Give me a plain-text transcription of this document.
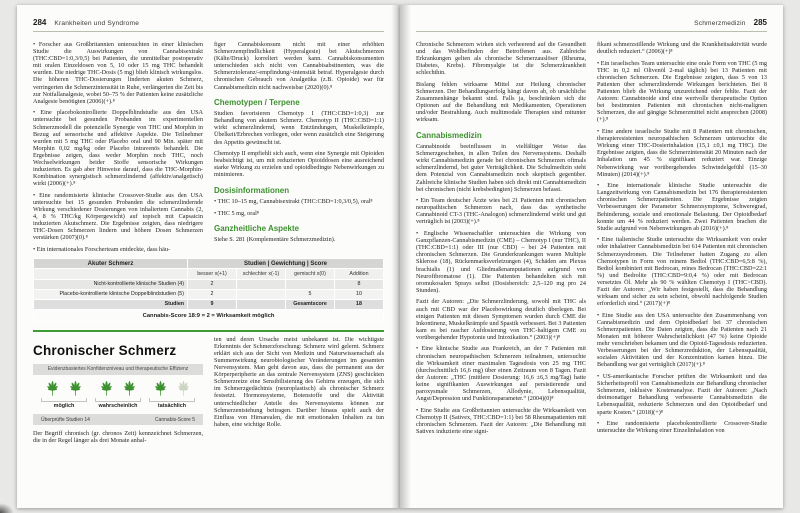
284 Krankheiten und Syndrome

• Forscher aus Großbritannien untersuchten in einer klinischen Studie die Auswirkungen von Cannabisextrakt (THC:CBD=1:0,3/0,5) bei Patienten, die unmittelbar postoperativ mit oralen Einzeldosen von 5, 10 oder 15 mg THC behandelt wurden. Die niedrige THC-Dosis (5 mg) blieb klinisch wirkungslos. Die höheren THC-Dosierungen linderten akuten Schmerz, verringerten die Schmerzintensität in Ruhe, verlängerten die Zeit bis zur Notfallanalgesie, wobei 50–75 % der Patienten keine zusätzliche Analgesie benötigten (2006)(+).⁸

• Eine placebokontrollierte Doppelblindstudie aus den USA untersuchte bei gesunden Probanden im experimentellen Schmerzmodell die potenzielle Synergie von THC und Morphin in Bezug auf sensorische und affektive Aspekte. Die Teilnehmer wurden mit 5 mg THC oder Placebo oral und 90 Min. später mit Morphin 0,02 mg/kg oder Placebo intravenös behandelt. Die Ergebnisse zeigen, dass weder Morphin noch THC, noch Wechselwirkungen beider Stoffe sensorische Wirkungen induzierten. Es gab aber Hinweise darauf, dass die THC-Morphin-Kombination synergistisch schmerzlindernd (affektiv/analgetisch) wirkt (2006)(+).⁸

• Eine randomisierte klinische Crossover-Studie aus den USA untersuchte bei 15 gesunden Probanden die schmerzlindernde Wirkung verschiedener Dosierungen von inhaliertem Cannabis (2, 4, 8 % THC/kg Körpergewicht) auf topisch mit Capsaicin induzierten Akutschmerz. Die Ergebnisse zeigten, dass niedrigere THC-Dosen Schmerzen lindern und höhere Dosen Schmerzen verstärken (2007)(0).⁸

• Ein internationales Forscherteam entdeckte, dass häu-

figer Cannabiskonsum nicht mit einer erhöhten Schmerzempfindlichkeit (Hyperalgesie) bei Akutschmerzen (Kälte/Druck) korreliert werden kann. Cannabiskonsumenten unterschieden sich nicht von Cannabisabstinenten, was die Schmerztoleranz/-empfindung/-intensität betraf. Hyperalgesie durch chronischen Gebrauch von Analgetika (z.B. Opioide) war für Cannabismedizin nicht nachweisbar (2020)(0).⁸

Chemotypen / Terpene

Studien favorisieren Chemotyp I (THC:CBD=1:0,3) zur Behandlung von akutem Schmerz. Chemotyp II (THC:CBD=1:1) wirkt schmerzlindernd, wenn Entzündungen, Muskelkrämpfe, Übelkeit/Erbrechen vorliegen, oder wenn zusätzlich eine Steigerung des Appetits gewünscht ist.

Chemotyp II empfiehlt sich auch, wenn eine Synergie mit Opioiden beabsichtigt ist, um mit reduzierten Opioiddosen eine ausreichend starke Wirkung zu erzielen und opioidbedingte Nebenwirkungen zu minimieren.

Dosisinformationen

• THC 10–15 mg, Cannabisextrakt (THC:CBD=1:0,3/0,5), oral⁸

• THC 5 mg, oral⁸

Ganzheitliche Aspekte

Siehe S. 281 (Komplementäre Schmerzmedizin).

Akuter Schmerz	Studien | Gewichtung | Score			
	besser x(+1)	schlechter x(-1)	gemischt x(0)	Addition
Nicht-kontrollierte klinische Studien (4)	2			8
Placebo-kontrollierte klinische Doppelblindstudien (5)	2		5	10
Studien	9		Gesamtscore	18
Cannabis-Score 18:9 = 2 = Wirksamkeit möglich				
Chronischer Schmerz
Evidenzbasiertes Konfidenzniveau und therapeutische Effizienz
möglich	wahrscheinlich	tatsächlich
Überprüfte Studien 14	Cannabis-Score 5

Der Begriff chronisch (gr. chronos Zeit) kennzeichnet Schmerzen, die in der Regel länger als drei Monate anhal-

ten und deren Ursache meist unbekannt ist. Die wichtigste Erkenntnis der Schmerzforschung: Schmerz wird gelernt. Schmerz erklärt sich aus der Sicht von Medizin und Naturwissenschaft als Summenwirkung neurobiologischer Veränderungen im gesamten Nervensystem. Man geht davon aus, dass die permanent aus der Körperperipherie an das zentrale Nervensystem (ZNS) geschickten Schmerzreize eine Sensibilisierung des Gehirns erzeugen, die sich im Schmerzgedächtnis (neuroplastisch) als chronischer Schmerz festsetzt. Hormonsysteme, Botenstoffe und die Aktivität unterschiedlicher Anteile des Nervensystems können zur Schmerzentstehung beitragen. Darüber hinaus spielt auch der Einfluss von Hirnarealen, die mit emotionalen Inhalten zu tun haben, eine wichtige Rolle.

Schmerzmedizin 285

Chronische Schmerzen wirken sich verheerend auf die Gesundheit und das Wohlbefinden der Betroffenen aus. Zahlreiche Erkrankungen gelten als chronische Schmerzauslöser (Rheuma, Diabetes, Krebs). Fibromyalgie ist die Schmerzkrankheit schlechthin.

Bislang fehlen wirksame Mittel zur Heilung chronischer Schmerzen. Der Behandlungserfolg hängt davon ab, ob ursächliche Zusammenhänge bekannt sind. Falls ja, beschränken sich die Optionen auf die Behandlung mit Medikamenten, Operationen und/oder Bestrahlung. Auch multimodale Therapien sind mitunter wirksam.

Cannabismedizin

Cannabinoide beeinflussen in vielfältiger Weise das Schmerzgeschehen, in allen Teilen des Nervensystems. Deshalb wirkt Cannabismedizin gerade bei chronischen Schmerzen oftmals schmerzlindernd, bei guter Verträglichkeit. Die Schulmedizin steht dem Potenzial von Cannabismedizin noch skeptisch gegenüber. Zahlreiche klinische Studien haben sich direkt mit Cannabismedizin bei chronischen (nicht krebsbedingten) Schmerzen befasst.

• Ein Team deutscher Ärzte wies bei 21 Patienten mit chronischen neuropathischen Schmerzen nach, dass das synthetische Cannabinoid CT-3 (THC-Analogon) schmerzlindernd wirkt und gut verträglich ist (2003)(+).⁸

• Englische Wissenschaftler untersuchten die Wirkung von Ganzpflanzen-Cannabismedizin (CME) – Chemotyp I (nur THC), II (THC:CBD=1:1) oder III (nur CBD) – bei 24 Patienten mit chronischen Schmerzen. Die Grunderkrankungen waren Multiple Sklerose (18), Rückenmarksverletzungen (4), Schäden am Plexus brachialis (1) und Gliedmaßenamputationen aufgrund von Neurofibromatose (1). Die Patienten behandelten sich mit oromukosalen Sprays selbst (Dosisbereich: 2,5–120 mg pro 24 Stunden).

Fazit der Autoren: „Die Schmerzlinderung, sowohl mit THC als auch mit CBD war der Placebowirkung deutlich überlegen. Bei einigen Patienten mit diesen Symptomen wurden durch CME die Inkontinenz, Muskelkrämpfe und Spastik verbessert. Bei 3 Patienten kam es bei rascher Aufdosierung von THC-haltigem CME zu vorübergehender Hypotonie und Intoxikation.“ (2003)(+)⁸

• Eine klinische Studie aus Frankreich, an der 7 Patienten mit chronischen neuropathischen Schmerzen teilnahmen, untersuchte die Wirksamkeit einer maximalen Tagesdosis von 25 mg THC (durchschnittlich 16,6 mg) über einen Zeitraum von 8 Tagen. Fazit der Autoren: „THC (mittlere Dosierung: 16,6 ±6,3 mg/Tag) hatte keine signifikanten Auswirkungen auf persistierende und paroxysmale Schmerzen, Allodynie, Lebensqualität, Angst/Depression und Funktionsparameter.“ (2004)(0)⁸

• Eine Studie aus Großbritannien untersuchte die Wirksamkeit von Chemotyp II (Sativex, THC:CBD=1:1) bei 58 Rheumapatienten mit chronischen Schmerzen. Fazit der Autoren: „Die Behandlung mit Sativex induzierte eine signi-

fikant schmerzstillende Wirkung und die Krankheitsaktivität wurde deutlich reduziert.“ (2006)(+)⁸

• Ein israelisches Team untersuchte eine orale Form von THC (5 mg THC in 0,2 ml Olivenöl 2-mal täglich) bei 13 Patienten mit chronischen Schmerzen. Die Ergebnisse zeigten, dass 5 von 13 Patienten über schmerzlindernde Wirkungen berichteten. Bei 8 Patienten blieb die Wirkung unzureichend oder fehlte. Fazit der Autoren: Cannabinoide sind eine wertvolle therapeutische Option bei bestimmten Patienten mit chronischen nicht-malignen Schmerzen, die auf gängige Schmerzmittel nicht ansprechen (2008)(+).⁸

• Eine andere israelische Studie mit 8 Patienten mit chronischen, therapieresistenten neuropathischen Schmerzen untersuchte die Wirkung einer THC-Dosierinhalation (15,1 ±0,1 mg THC). Die Ergebnisse zeigten, dass die Schmerzintensität 20 Minuten nach der Inhalation um 45 % signifikant reduziert war. Einzige Nebenwirkung war vorübergehendes Schwindelgefühl (15–30 Minuten) (2014)(+).⁸

• Eine internationale klinische Studie untersuchte die Langzeitwirkung von Cannabismedizin bei 176 therapieresistenten chronischen Schmerzpatienten. Die Ergebnisse zeigten Verbesserungen der Parameter Schmerzsymptome, Schweregrad, Behinderung, soziale und emotionale Belastung. Der Opioidbedarf konnte um 44 % reduziert werden. Zwei Patienten brachen die Studie aufgrund von Nebenwirkungen ab (2016)(+).⁸

• Eine italienische Studie untersuchte die Wirksamkeit von oraler oder inhalativer Cannabismedizin bei 614 Patienten mit chronischen Schmerzsyndromen. Die Teilnehmer hatten Zugang zu allen Chemotypen in Form von reinem Bediol (THC:CBD=6,5:8 %), Bediol kombiniert mit Bedrocan, reines Bedrocan (THC:CBD=22:1 %) und Bedrolite (THC:CBD=9:0,4 %) oder mit Bedrocan versetztes Öl. Mehr als 90 % wählten Chemotyp I (THC>CBD). Fazit der Autoren: „Wir haben festgestellt, dass die Behandlung wirksam und sicher zu sein scheint, obwohl nachfolgende Studien erforderlich sind.“ (2017)(+)⁸

• Eine Studie aus den USA untersuchte den Zusammenhang von Cannabismedizin und dem Opioidbedarf bei 37 chronischen Schmerzpatienten. Die Daten zeigten, dass die Patienten nach 21 Monaten mit höherer Wahrscheinlichkeit (47 %) keine Opioide mehr verschrieben bekamen und die Opioid-Tagesdosis reduzierten. Verbesserungen bei der Schmerzreduktion, der Lebensqualität, sozialen Aktivitäten und der Konzentration kamen hinzu. Die Behandlung war gut verträglich (2017)(+).⁸

• US-amerikanische Forscher prüften die Wirksamkeit und das Sicherheitsprofil von Cannabismedizin zur Behandlung chronischer Schmerzen, inklusive Kostenanalyse. Fazit der Autoren: „Nach dreimonatiger Behandlung verbesserte Cannabismedizin die Lebensqualität, reduzierte Schmerzen und den Opioidbedarf und sparte Kosten.“ (2018)(+)⁸

• Eine randomisierte placebokontrollierte Crossover-Studie untersuchte die Wirkung einer Einzelinhalation von
